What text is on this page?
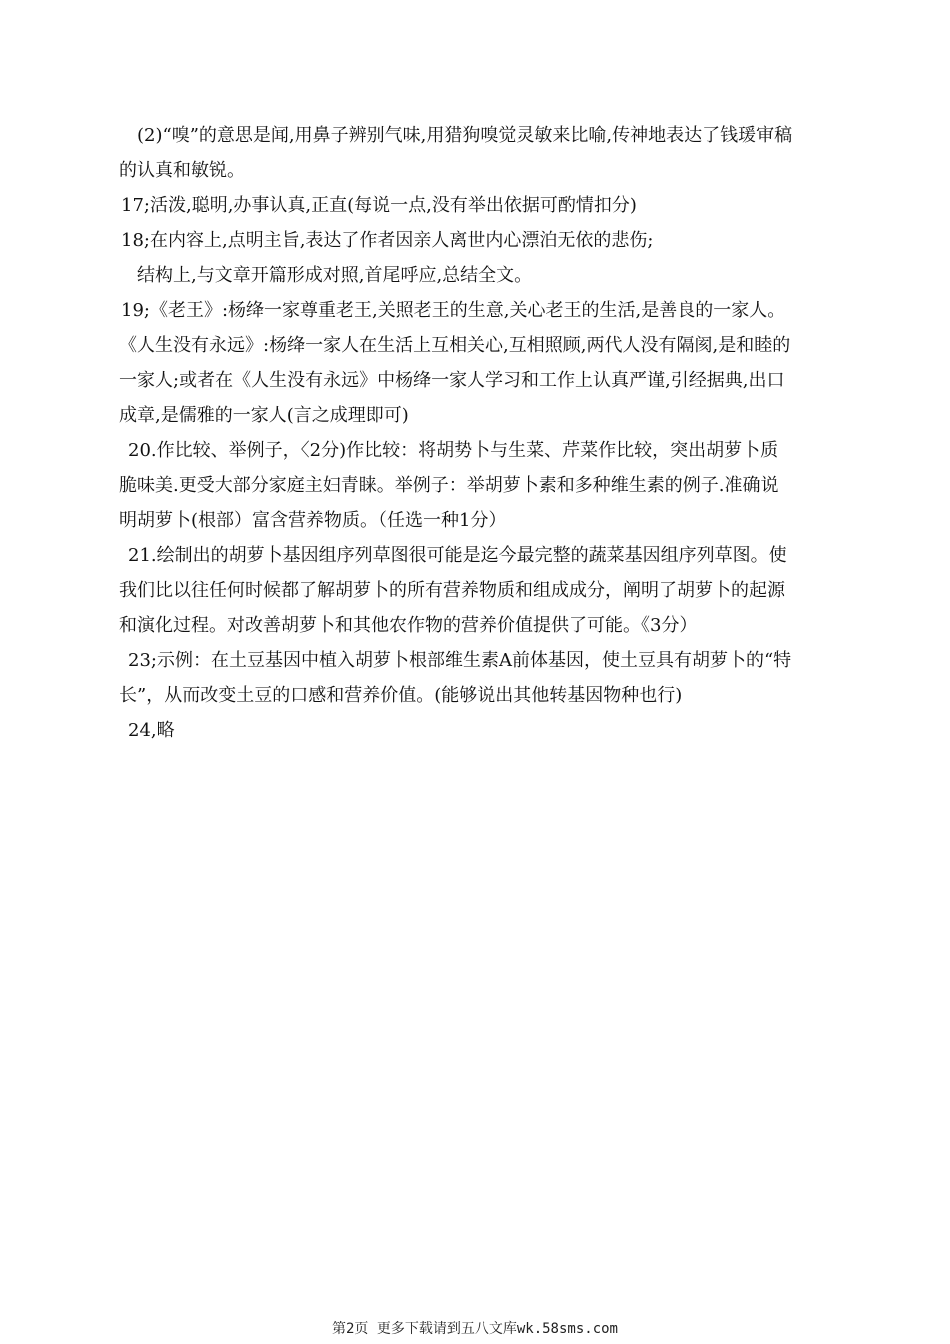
(2)“嗅”的意思是闻,用鼻子辨别气味,用猎狗嗅觉灵敏来比喻,传神地表达了钱瑗审稿
的认真和敏锐。
17;活泼,聪明,办事认真,正直(每说一点,没有举出依据可酌情扣分)
18;在内容上,点明主旨,表达了作者因亲人离世内心漂泊无依的悲伤;
结构上,与文章开篇形成对照,首尾呼应,总结全文。
19;《老王》:杨绛一家尊重老王,关照老王的生意,关心老王的生活,是善良的一家人。
《人生没有永远》:杨绛一家人在生活上互相关心,互相照顾,两代人没有隔阂,是和睦的
一家人;或者在《人生没有永远》中杨绛一家人学习和工作上认真严谨,引经据典,出口
成章,是儒雅的一家人(言之成理即可)
20.作比较、举例子，〈2分)作比较：将胡势卜与生菜、芹菜作比较，突出胡萝卜质
脆味美.更受大部分家庭主妇青睐。举例子：举胡萝卜素和多种维生素的例子.准确说
明胡萝卜(根部）富含营养物质。（任选一种1分）
21.绘制出的胡萝卜基因组序列草图很可能是迄今最完整的蔬菜基因组序列草图。使
我们比以往任何时候都了解胡萝卜的所有营养物质和组成成分，阐明了胡萝卜的起源
和演化过程。对改善胡萝卜和其他农作物的营养价值提供了可能。《3分）
23;示例：在土豆基因中植入胡萝卜根部维生素A前体基因，使土豆具有胡萝卜的“特
长”，从而改变土豆的口感和营养价值。(能够说出其他转基因物种也行)
24,略
第2页 更多下载请到五八文库wk.58sms.com
